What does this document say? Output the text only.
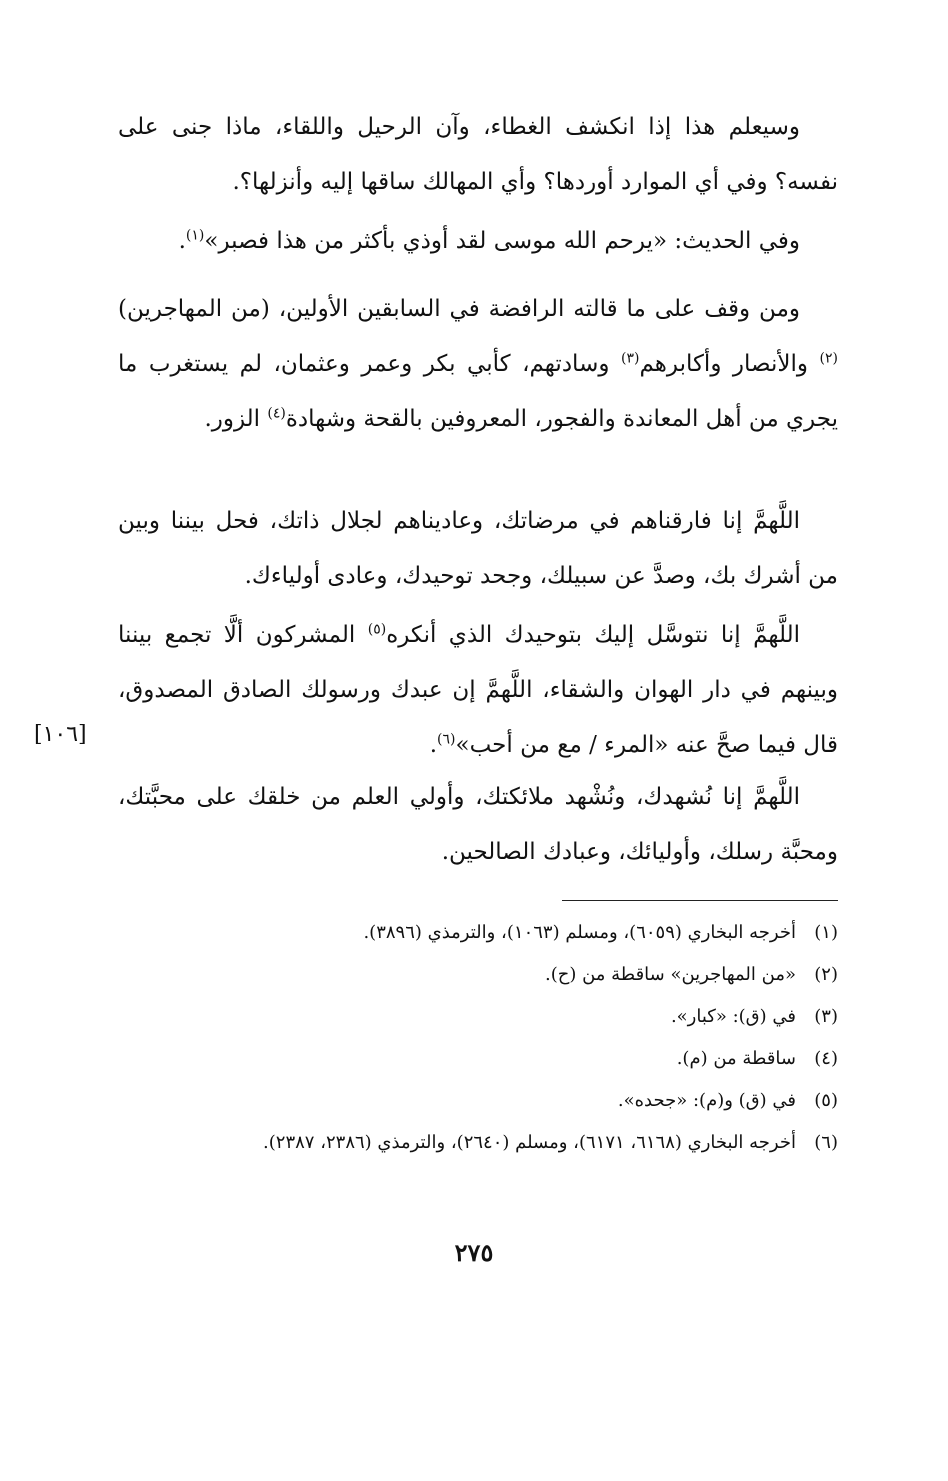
وسيعلم هذا إذا انكشف الغطاء، وآن الرحيل واللقاء، ماذا جنى على نفسه؟ وفي أي الموارد أوردها؟ وأي المهالك ساقها إليه وأنزلها؟.

وفي الحديث: «يرحم الله موسى لقد أوذي بأكثر من هذا فصبر»$^{(١)}$.

ومن وقف على ما قالته الرافضة في السابقين الأولين، (من المهاجرين)$^{(٢)}$ والأنصار وأكابرهم$^{(٣)}$ وسادتهم، كأبي بكر وعمر وعثمان، لم يستغرب ما يجري من أهل المعاندة والفجور، المعروفين بالقحة وشهادة$^{(٤)}$ الزور.

اللَّهمَّ إنا فارقناهم في مرضاتك، وعاديناهم لجلال ذاتك، فحل بيننا وبين من أشرك بك، وصدَّ عن سبيلك، وجحد توحيدك، وعادى أولياءك.

اللَّهمَّ إنا نتوسَّل إليك بتوحيدك الذي أنكره$^{(٥)}$ المشركون ألَّا تجمع بيننا وبينهم في دار الهوان والشقاء، اللَّهمَّ إن عبدك ورسولك الصادق المصدوق، قال فيما صحَّ عنه «المرء / مع من أحب»$^{(٦)}$.

[١٠٦]

اللَّهمَّ إنا نُشهدك، ونُشْهد ملائكتك، وأولي العلم من خلقك على محبَّتك، ومحبَّة رسلك، وأوليائك، وعبادك الصالحين.

(١)
أخرجه البخاري (٦٠٥٩)، ومسلم (١٠٦٣)، والترمذي (٣٨٩٦).
(٢)
«من المهاجرين» ساقطة من (ح).
(٣)
في (ق): «كبار».
(٤)
ساقطة من (م).
(٥)
في (ق) و(م): «جحده».
(٦)
أخرجه البخاري (٦١٦٨، ٦١٧١)، ومسلم (٢٦٤٠)، والترمذي (٢٣٨٦، ٢٣٨٧).
٢٧٥
